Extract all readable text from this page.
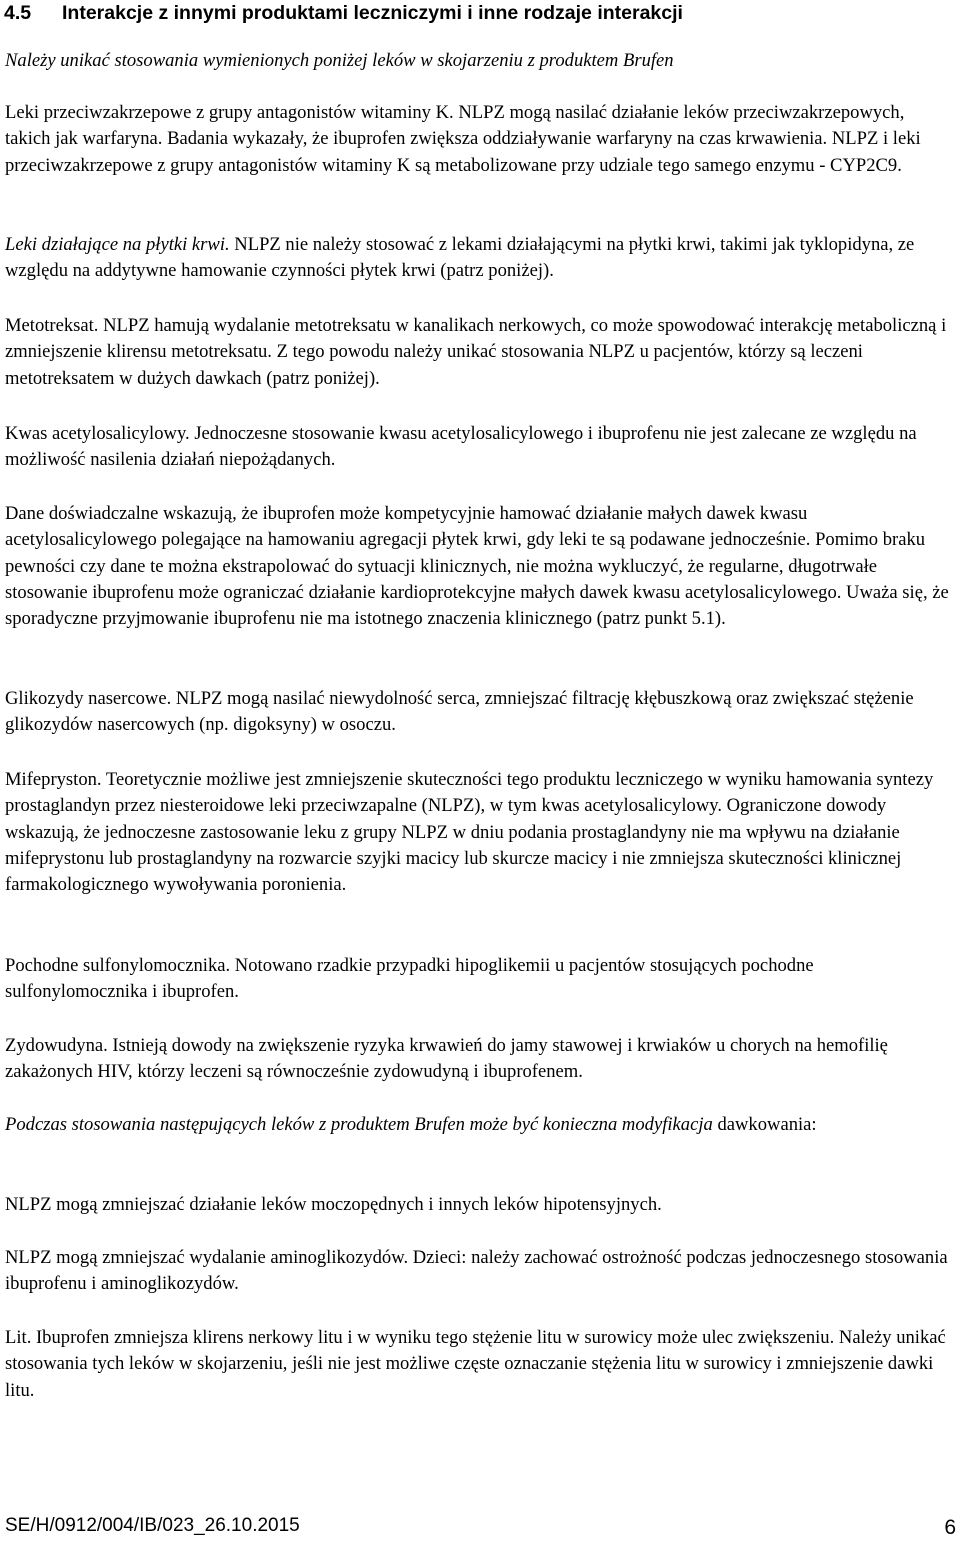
4.5 Interakcje z innymi produktami leczniczymi i inne rodzaje interakcji

Należy unikać stosowania wymienionych poniżej leków w skojarzeniu z produktem Brufen

Leki przeciwzakrzepowe z grupy antagonistów witaminy K. NLPZ mogą nasilać działanie leków przeciwzakrzepowych, takich jak warfaryna. Badania wykazały, że ibuprofen zwiększa oddziaływanie warfaryny na czas krwawienia. NLPZ i leki przeciwzakrzepowe z grupy antagonistów witaminy K są metabolizowane przy udziale tego samego enzymu - CYP2C9.

Leki działające na płytki krwi. NLPZ nie należy stosować z lekami działającymi na płytki krwi, takimi jak tyklopidyna, ze względu na addytywne hamowanie czynności płytek krwi (patrz poniżej).

Metotreksat. NLPZ hamują wydalanie metotreksatu w kanalikach nerkowych, co może spowodować interakcję metaboliczną i zmniejszenie klirensu metotreksatu. Z tego powodu należy unikać stosowania NLPZ u pacjentów, którzy są leczeni metotreksatem w dużych dawkach (patrz poniżej).

Kwas acetylosalicylowy. Jednoczesne stosowanie kwasu acetylosalicylowego i ibuprofenu nie jest zalecane ze względu na możliwość nasilenia działań niepożądanych.

Dane doświadczalne wskazują, że ibuprofen może kompetycyjnie hamować działanie małych dawek kwasu acetylosalicylowego polegające na hamowaniu agregacji płytek krwi, gdy leki te są podawane jednocześnie. Pomimo braku pewności czy dane te można ekstrapolować do sytuacji klinicznych, nie można wykluczyć, że regularne, długotrwałe stosowanie ibuprofenu może ograniczać działanie kardioprotekcyjne małych dawek kwasu acetylosalicylowego. Uważa się, że sporadyczne przyjmowanie ibuprofenu nie ma istotnego znaczenia klinicznego (patrz punkt 5.1).

Glikozydy nasercowe. NLPZ mogą nasilać niewydolność serca, zmniejszać filtrację kłębuszkową oraz zwiększać stężenie glikozydów nasercowych (np. digoksyny) w osoczu.

Mifepryston. Teoretycznie możliwe jest zmniejszenie skuteczności tego produktu leczniczego w wyniku hamowania syntezy prostaglandyn przez niesteroidowe leki przeciwzapalne (NLPZ), w tym kwas acetylosalicylowy. Ograniczone dowody wskazują, że jednoczesne zastosowanie leku z grupy NLPZ w dniu podania prostaglandyny nie ma wpływu na działanie mifeprystonu lub prostaglandyny na rozwarcie szyjki macicy lub skurcze macicy i nie zmniejsza skuteczności klinicznej farmakologicznego wywoływania poronienia.

Pochodne sulfonylomocznika. Notowano rzadkie przypadki hipoglikemii u pacjentów stosujących pochodne sulfonylomocznika i ibuprofen.

Zydowudyna. Istnieją dowody na zwiększenie ryzyka krwawień do jamy stawowej i krwiaków u chorych na hemofilię zakażonych HIV, którzy leczeni są równocześnie zydowudyną i ibuprofenem.

Podczas stosowania następujących leków z produktem Brufen może być konieczna modyfikacja dawkowania:

NLPZ mogą zmniejszać działanie leków moczopędnych i innych leków hipotensyjnych.

NLPZ mogą zmniejszać wydalanie aminoglikozydów. Dzieci: należy zachować ostrożność podczas jednoczesnego stosowania ibuprofenu i aminoglikozydów.

Lit. Ibuprofen zmniejsza klirens nerkowy litu i w wyniku tego stężenie litu w surowicy może ulec zwiększeniu. Należy unikać stosowania tych leków w skojarzeniu, jeśli nie jest możliwe częste oznaczanie stężenia litu w surowicy i zmniejszenie dawki litu.

SE/H/0912/004/IB/023_26.10.2015	6
